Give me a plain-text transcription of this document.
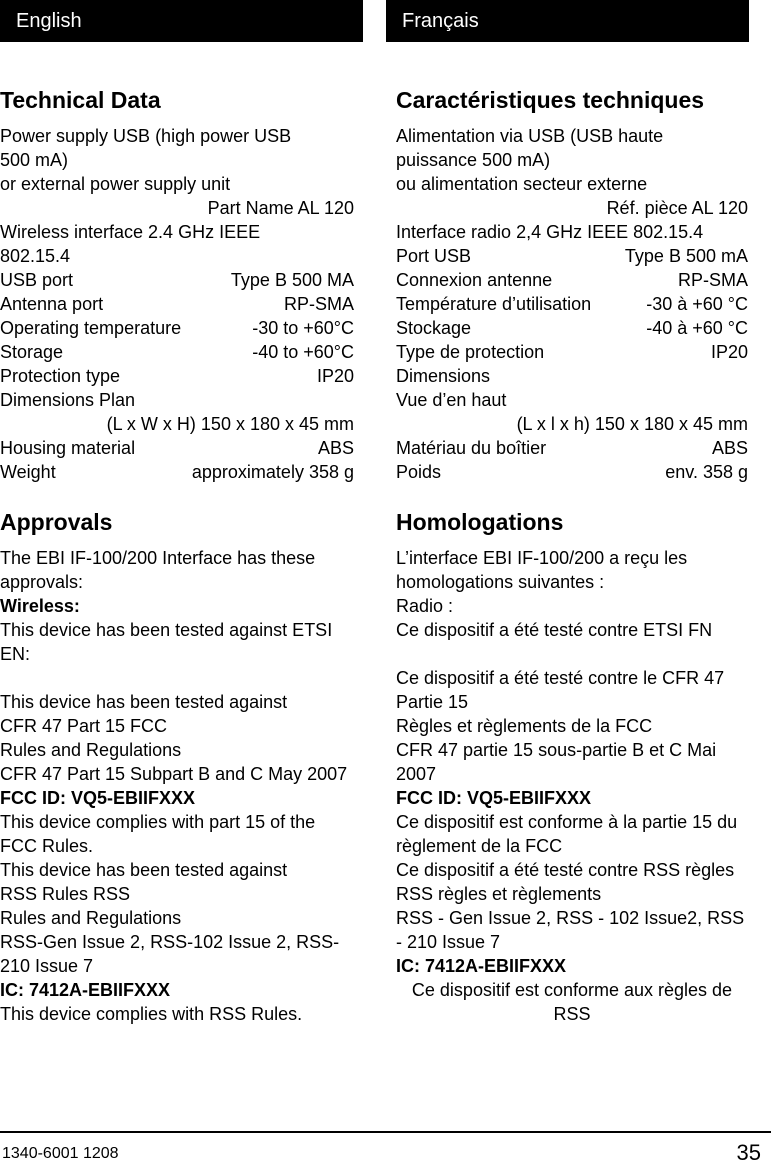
English
Technical Data
Power supply USB (high power USB
500 mA)
or external power supply unit
Part Name AL 120
Wireless interface 2.4 GHz IEEE
802.15.4
USB port	Type B 500 MA
Antenna port	RP-SMA
Operating temperature	-30 to +60°C
Storage	-40 to +60°C
Protection type	IP20
Dimensions Plan
(L x W x H) 150 x 180 x 45 mm
Housing material	ABS
Weight	approximately 358 g
Approvals
The EBI IF-100/200 Interface has these approvals:
Wireless:
This device has been tested against ETSI EN:
This device has been tested against
CFR 47 Part 15 FCC
Rules and Regulations
CFR 47 Part 15 Subpart B and C May 2007
FCC ID: VQ5-EBIIFXXX
This device complies with part 15 of the FCC Rules.
This device has been tested against
RSS Rules RSS
Rules and Regulations
RSS-Gen Issue 2, RSS-102 Issue 2, RSS-210 Issue 7
IC: 7412A-EBIIFXXX
This device complies with RSS Rules.
Français
Caractéristiques techniques
Alimentation via USB (USB haute
puissance 500 mA)
ou alimentation secteur externe
Réf. pièce AL 120
Interface radio 2,4 GHz IEEE 802.15.4
Port USB	Type B 500 mA
Connexion antenne	RP-SMA
Température d’utilisation	-30 à +60 °C
Stockage	-40 à +60 °C
Type de protection	IP20
Dimensions
Vue d’en haut
(L x l x h) 150 x 180 x 45 mm
Matériau du boîtier	ABS
Poids	env. 358 g
Homologations
L’interface EBI IF-100/200 a reçu les homologations suivantes :
Radio :
Ce dispositif a été testé contre ETSI FN
Ce dispositif a été testé contre le CFR 47 Partie 15
Règles et règlements de la FCC
CFR 47 partie 15 sous-partie B et C Mai 2007
FCC ID: VQ5-EBIIFXXX
Ce dispositif est conforme à la partie 15 du règlement de la FCC
Ce dispositif a été testé contre RSS règles
RSS règles et règlements
RSS - Gen Issue 2, RSS - 102 Issue2, RSS - 210 Issue 7
IC: 7412A-EBIIFXXX
Ce dispositif est conforme aux règles de RSS
1340-6001 1208	35
